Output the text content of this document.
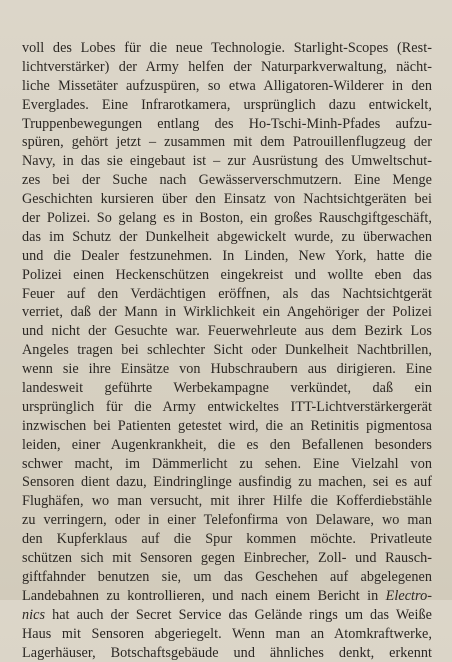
voll des Lobes für die neue Technologie. Starlight-Scopes (Rest-
lichtverstärker) der Army helfen der Naturparkverwaltung, nächt-
liche Missetäter aufzuspüren, so etwa Alligatoren-Wilderer in den
Everglades. Eine Infrarotkamera, ursprünglich dazu entwickelt,
Truppenbewegungen entlang des Ho-Tschi-Minh-Pfades aufzu-
spüren, gehört jetzt – zusammen mit dem Patrouillenflugzeug der
Navy, in das sie eingebaut ist – zur Ausrüstung des Umweltschut-
zes bei der Suche nach Gewässerverschmutzern. Eine Menge
Geschichten kursieren über den Einsatz von Nachtsichtgeräten bei
der Polizei. So gelang es in Boston, ein großes Rauschgiftgeschäft,
das im Schutz der Dunkelheit abgewickelt wurde, zu überwachen
und die Dealer festzunehmen. In Linden, New York, hatte die
Polizei einen Heckenschützen eingekreist und wollte eben das
Feuer auf den Verdächtigen eröffnen, als das Nachtsichtgerät
verriet, daß der Mann in Wirklichkeit ein Angehöriger der Polizei
und nicht der Gesuchte war. Feuerwehrleute aus dem Bezirk Los
Angeles tragen bei schlechter Sicht oder Dunkelheit Nachtbrillen,
wenn sie ihre Einsätze von Hubschraubern aus dirigieren. Eine
landesweit geführte Werbekampagne verkündet, daß ein
ursprünglich für die Army entwickeltes ITT-Lichtverstärkergerät
inzwischen bei Patienten getestet wird, die an Retinitis pigmentosa
leiden, einer Augenkrankheit, die es den Befallenen besonders
schwer macht, im Dämmerlicht zu sehen. Eine Vielzahl von
Sensoren dient dazu, Eindringlinge ausfindig zu machen, sei es auf
Flughäfen, wo man versucht, mit ihrer Hilfe die Kofferdiebstähle
zu verringern, oder in einer Telefonfirma von Delaware, wo man
den Kupferklaus auf die Spur kommen möchte. Privatleute
schützen sich mit Sensoren gegen Einbrecher, Zoll- und Rausch-
giftfahnder benutzen sie, um das Geschehen auf abgelegenen
Landebahnen zu kontrollieren, und nach einem Bericht in Electro-
nics hat auch der Secret Service das Gelände rings um das Weiße
Haus mit Sensoren abgeriegelt. Wenn man an Atomkraftwerke,
Lagerhäuser, Botschaftsgebäude und ähnliches denkt, erkennt
